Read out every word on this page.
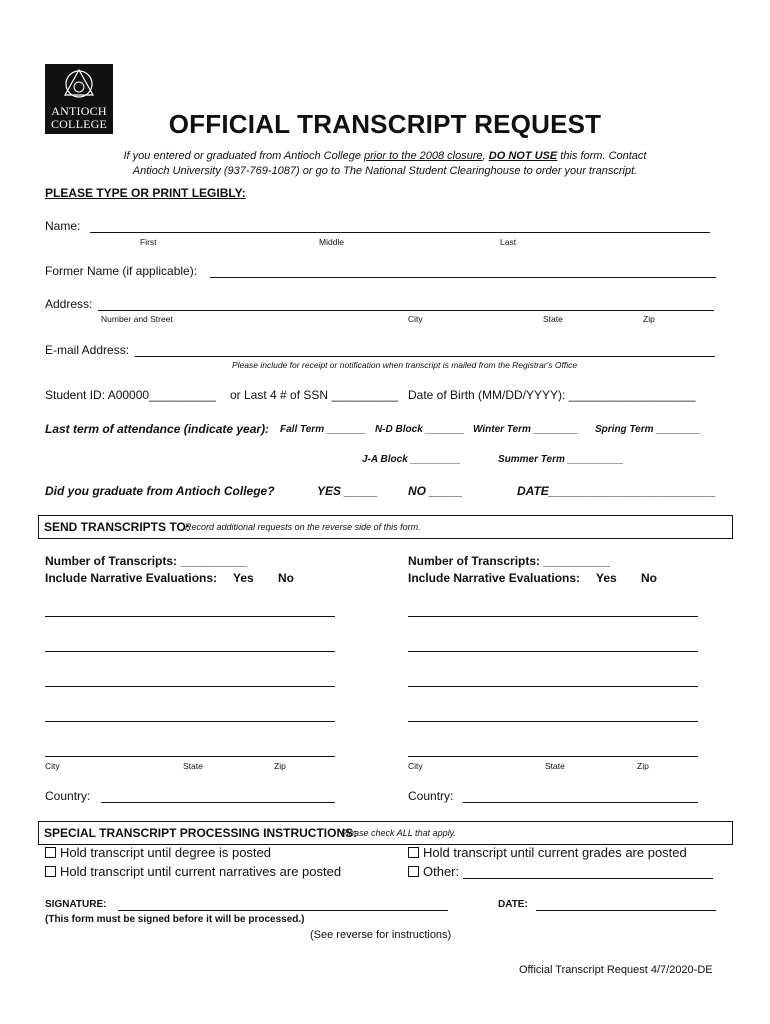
ANTIOCH
COLLEGE	OFFICIAL TRANSCRIPT REQUEST
If you entered or graduated from Antioch College prior to the 2008 closure, DO NOT USE this form. Contact
Antioch University (937-769-1087) or go to The National Student Clearinghouse to order your transcript.
PLEASE TYPE OR PRINT LEGIBLY:
Name:
First	Middle	Last
Former Name (if applicable):
Address:
Number and Street	City	State	Zip
E-mail Address:
Please include for receipt or notification when transcript is mailed from the Registrar's Office
Student ID: A00000__________ or Last 4 # of SSN __________ Date of Birth (MM/DD/YYYY): ___________________
Last term of attendance (indicate year): Fall Term _______ N-D Block _______ Winter Term ________ Spring Term ________
J-A Block _________	Summer Term __________
Did you graduate from Antioch College?	YES _____	NO _____	DATE_________________________
SEND TRANSCRIPTS TO:
Record additional requests on the reverse side of this form.
Number of Transcripts: __________
Include Narrative Evaluations: Yes No
City	State	Zip
Country:
Number of Transcripts: __________
Include Narrative Evaluations: Yes No
City	State	Zip
Country:
SPECIAL TRANSCRIPT PROCESSING INSTRUCTIONS:
Please check ALL that apply.
Hold transcript until degree is posted	Hold transcript until current grades are posted
Hold transcript until current narratives are posted	Other:
SIGNATURE:
(This form must be signed before it will be processed.)
DATE:
(See reverse for instructions)
Official Transcript Request 4/7/2020-DE
